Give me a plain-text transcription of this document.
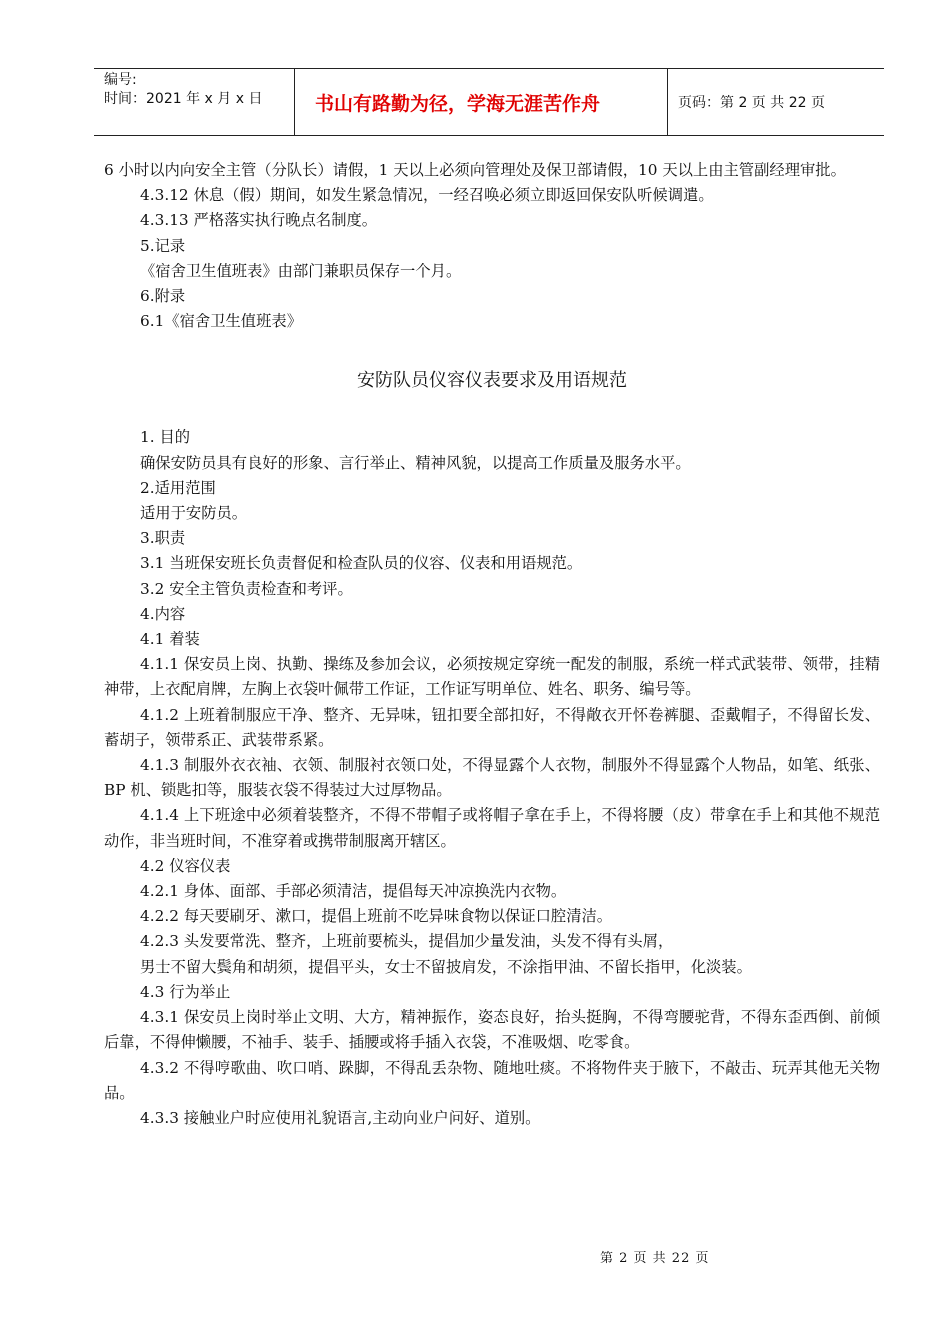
编号:
时间：2021 年 x 月 x 日	书山有路勤为径，学海无涯苦作舟	页码：第 2 页 共 22 页

6 小时以内向安全主管（分队长）请假，1 天以上必须向管理处及保卫部请假，10 天以上由主管副经理审批。

4.3.12 休息（假）期间，如发生紧急情况，一经召唤必须立即返回保安队听候调遣。

4.3.13 严格落实执行晚点名制度。

5.记录

《宿舍卫生值班表》由部门兼职员保存一个月。

6.附录

6.1《宿舍卫生值班表》

安防队员仪容仪表要求及用语规范

1. 目的

确保安防员具有良好的形象、言行举止、精神风貌，以提高工作质量及服务水平。

2.适用范围

适用于安防员。

3.职责

3.1 当班保安班长负责督促和检查队员的仪容、仪表和用语规范。

3.2 安全主管负责检查和考评。

4.内容

4.1 着装

4.1.1 保安员上岗、执勤、操练及参加会议，必须按规定穿统一配发的制服，系统一样式武装带、领带，挂精神带，上衣配肩牌，左胸上衣袋叶佩带工作证，工作证写明单位、姓名、职务、编号等。

4.1.2 上班着制服应干净、整齐、无异味，钮扣要全部扣好，不得敞衣开怀卷裤腿、歪戴帽子，不得留长发、蓄胡子，领带系正、武装带系紧。

4.1.3 制服外衣衣袖、衣领、制服衬衣领口处，不得显露个人衣物，制服外不得显露个人物品，如笔、纸张、BP 机、锁匙扣等，服装衣袋不得装过大过厚物品。

4.1.4 上下班途中必须着装整齐，不得不带帽子或将帽子拿在手上，不得将腰（皮）带拿在手上和其他不规范动作，非当班时间，不准穿着或携带制服离开辖区。

4.2 仪容仪表

4.2.1 身体、面部、手部必须清洁，提倡每天冲凉换洗内衣物。

4.2.2 每天要刷牙、漱口，提倡上班前不吃异味食物以保证口腔清洁。

4.2.3 头发要常洗、整齐，上班前要梳头，提倡加少量发油，头发不得有头屑，

男士不留大鬓角和胡须，提倡平头，女士不留披肩发，不涂指甲油、不留长指甲，化淡装。

4.3 行为举止

4.3.1 保安员上岗时举止文明、大方，精神振作，姿态良好，抬头挺胸，不得弯腰驼背，不得东歪西倒、前倾后靠，不得伸懒腰，不袖手、装手、插腰或将手插入衣袋，不准吸烟、吃零食。

4.3.2 不得哼歌曲、吹口哨、跺脚，不得乱丢杂物、随地吐痰。不将物件夹于腋下，不敲击、玩弄其他无关物品。

4.3.3 接触业户时应使用礼貌语言,主动向业户问好、道别。

第 2 页 共 22 页
